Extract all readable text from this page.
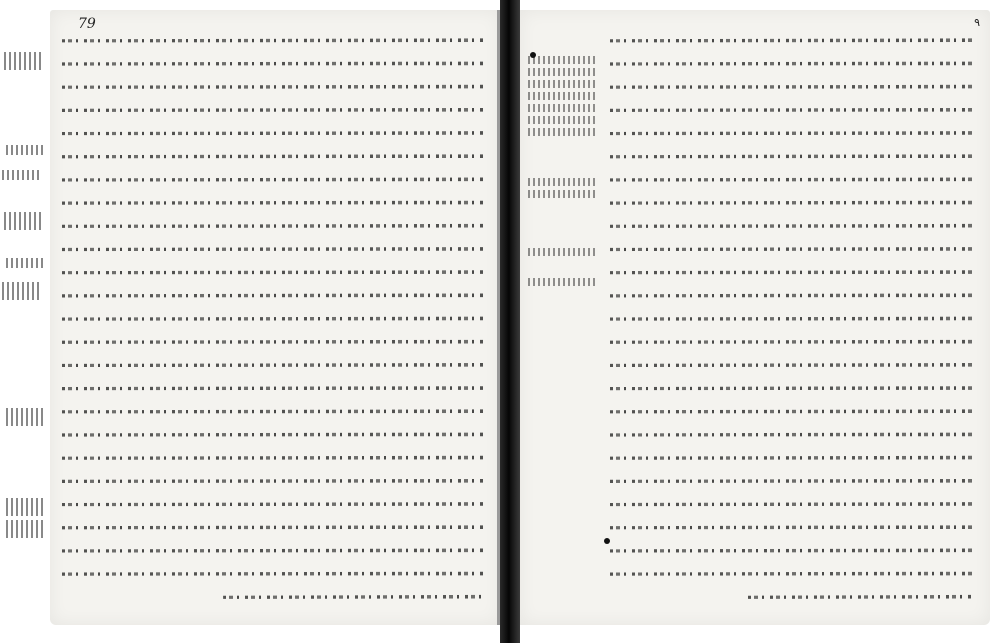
79	٩
